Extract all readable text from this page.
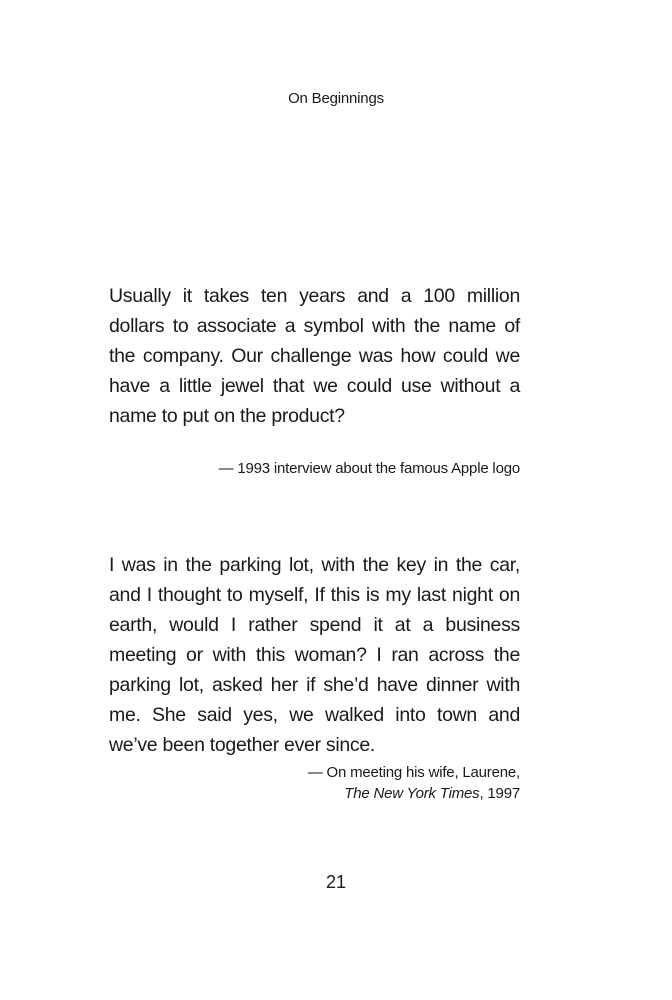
On Beginnings

Usually it takes ten years and a 100 million dollars to associate a symbol with the name of the company. Our challenge was how could we have a little jewel that we could use without a name to put on the product?

— 1993 interview about the famous Apple logo

I was in the parking lot, with the key in the car, and I thought to myself, If this is my last night on earth, would I rather spend it at a business meeting or with this woman? I ran across the parking lot, asked her if she’d have dinner with me. She said yes, we walked into town and we’ve been together ever since.

— On meeting his wife, Laurene,
The New York Times, 1997
21
